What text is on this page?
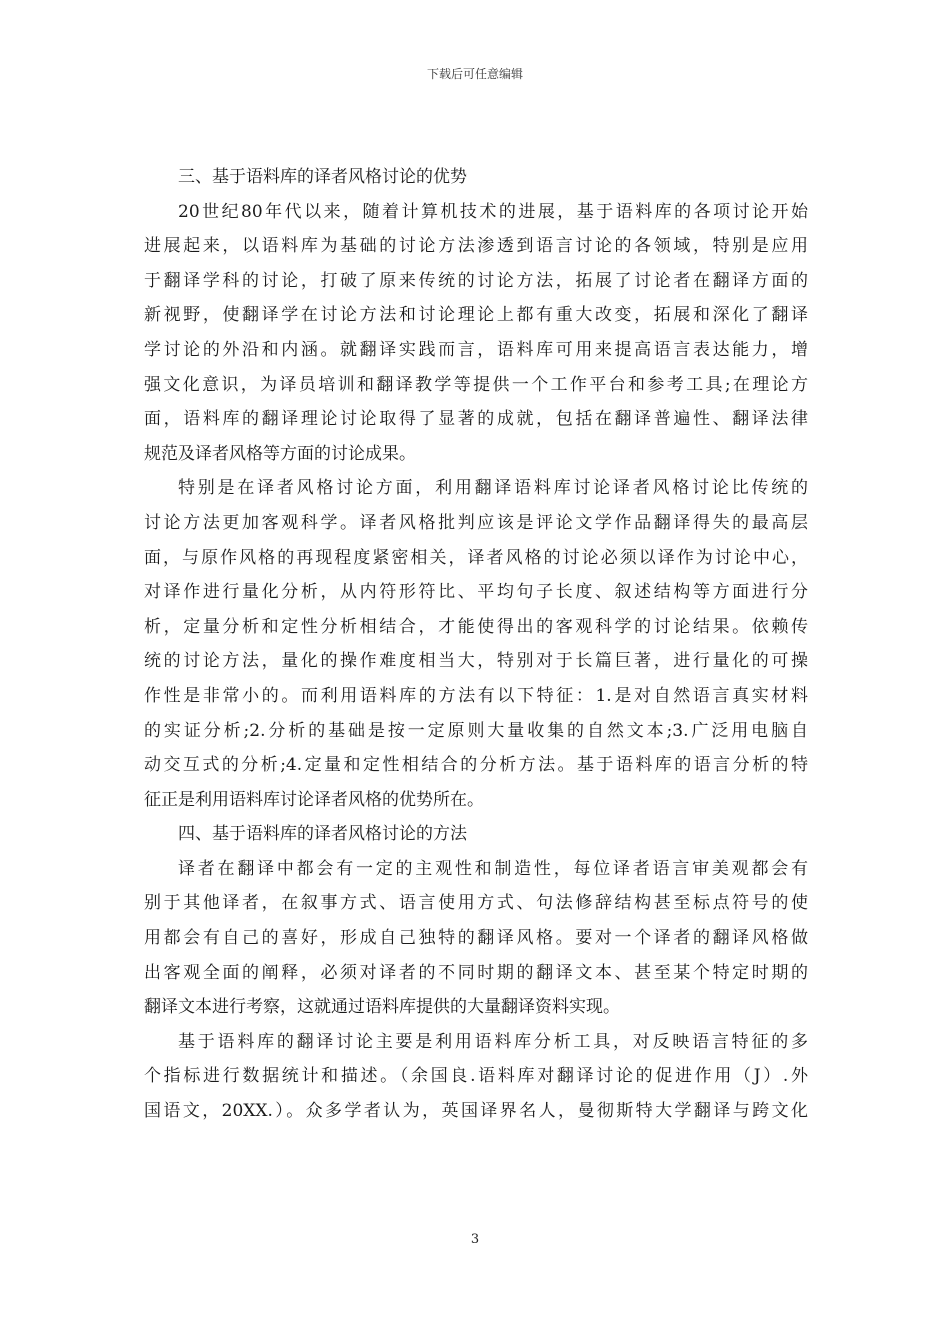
下载后可任意编辑
三、基于语料库的译者风格讨论的优势
20世纪80年代以来，随着计算机技术的进展，基于语料库的各项讨论开始
进展起来，以语料库为基础的讨论方法渗透到语言讨论的各领域，特别是应用
于翻译学科的讨论，打破了原来传统的讨论方法，拓展了讨论者在翻译方面的
新视野，使翻译学在讨论方法和讨论理论上都有重大改变，拓展和深化了翻译
学讨论的外沿和内涵。就翻译实践而言，语料库可用来提高语言表达能力，增
强文化意识，为译员培训和翻译教学等提供一个工作平台和参考工具;在理论方
面，语料库的翻译理论讨论取得了显著的成就，包括在翻译普遍性、翻译法律
规范及译者风格等方面的讨论成果。
特别是在译者风格讨论方面，利用翻译语料库讨论译者风格讨论比传统的
讨论方法更加客观科学。译者风格批判应该是评论文学作品翻译得失的最高层
面，与原作风格的再现程度紧密相关，译者风格的讨论必须以译作为讨论中心，
对译作进行量化分析，从内符形符比、平均句子长度、叙述结构等方面进行分
析，定量分析和定性分析相结合，才能使得出的客观科学的讨论结果。依赖传
统的讨论方法，量化的操作难度相当大，特别对于长篇巨著，进行量化的可操
作性是非常小的。而利用语料库的方法有以下特征：1.是对自然语言真实材料
的实证分析;2.分析的基础是按一定原则大量收集的自然文本;3.广泛用电脑自
动交互式的分析;4.定量和定性相结合的分析方法。基于语料库的语言分析的特
征正是利用语料库讨论译者风格的优势所在。
四、基于语料库的译者风格讨论的方法
译者在翻译中都会有一定的主观性和制造性，每位译者语言审美观都会有
别于其他译者，在叙事方式、语言使用方式、句法修辞结构甚至标点符号的使
用都会有自己的喜好，形成自己独特的翻译风格。要对一个译者的翻译风格做
出客观全面的阐释，必须对译者的不同时期的翻译文本、甚至某个特定时期的
翻译文本进行考察，这就通过语料库提供的大量翻译资料实现。
基于语料库的翻译讨论主要是利用语料库分析工具，对反映语言特征的多
个指标进行数据统计和描述。（余国良.语料库对翻译讨论的促进作用（J）.外
国语文，20XX.）。众多学者认为，英国译界名人，曼彻斯特大学翻译与跨文化
3
